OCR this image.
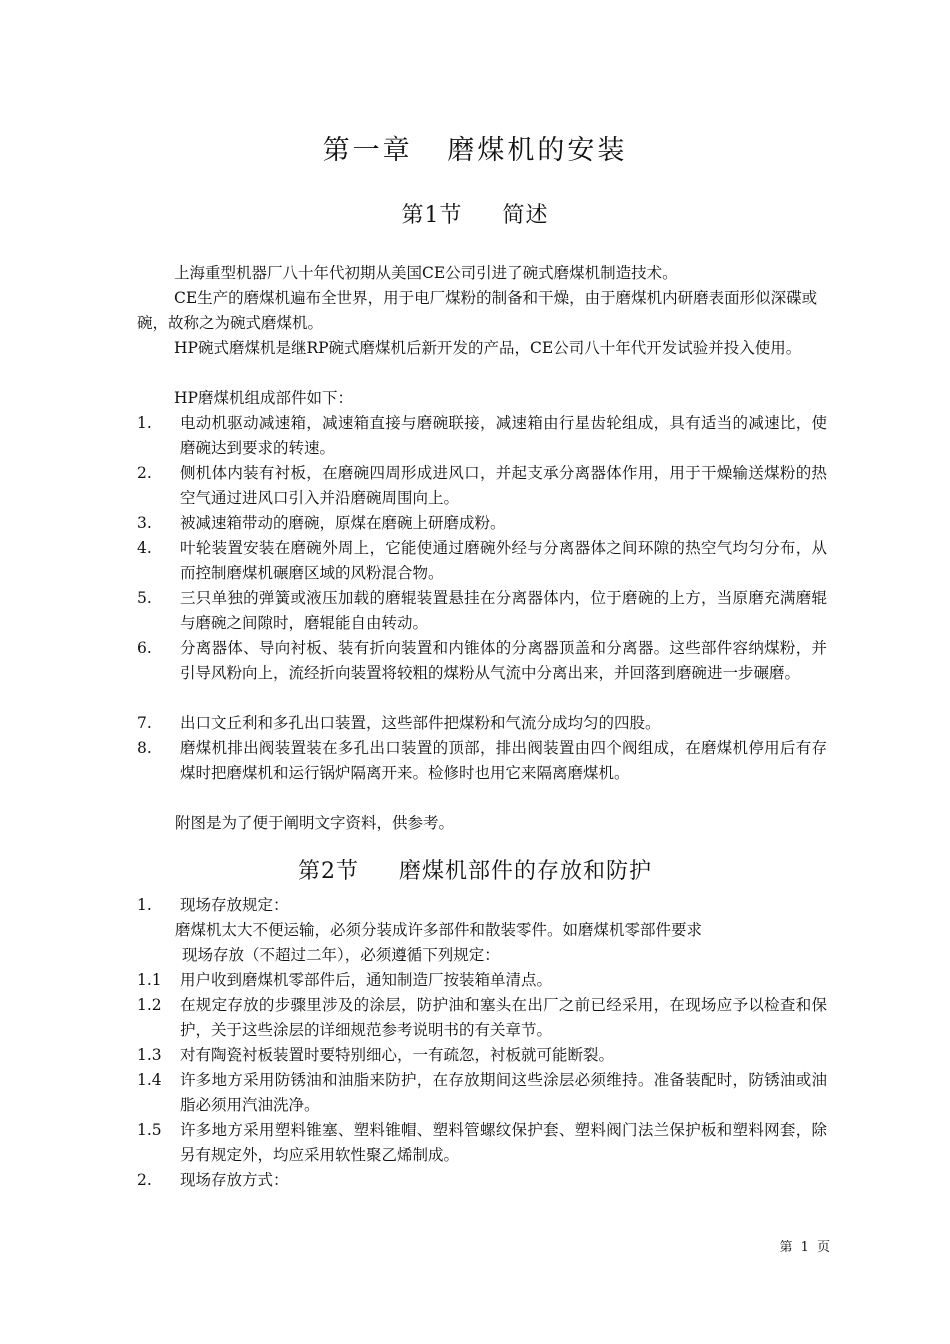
第一章   磨煤机的安装
第1节     简述

上海重型机器厂八十年代初期从美国CE公司引进了碗式磨煤机制造技术。

CE生产的磨煤机遍布全世界，用于电厂煤粉的制备和干燥，由于磨煤机内研磨表面形似深碟或碗，故称之为碗式磨煤机。

HP碗式磨煤机是继RP碗式磨煤机后新开发的产品，CE公司八十年代开发试验并投入使用。

HP磨煤机组成部件如下：

1. 电动机驱动减速箱，减速箱直接与磨碗联接，减速箱由行星齿轮组成，具有适当的减速比，使磨碗达到要求的转速。
2. 侧机体内装有衬板，在磨碗四周形成进风口，并起支承分离器体作用，用于干燥输送煤粉的热空气通过进风口引入并沿磨碗周围向上。
3. 被减速箱带动的磨碗，原煤在磨碗上研磨成粉。
4. 叶轮装置安装在磨碗外周上，它能使通过磨碗外经与分离器体之间环隙的热空气均匀分布，从而控制磨煤机碾磨区域的风粉混合物。
5. 三只单独的弹簧或液压加载的磨辊装置悬挂在分离器体内，位于磨碗的上方，当原磨充满磨辊与磨碗之间隙时，磨辊能自由转动。
6. 分离器体、导向衬板、装有折向装置和内锥体的分离器顶盖和分离器。这些部件容纳煤粉，并引导风粉向上，流经折向装置将较粗的煤粉从气流中分离出来，并回落到磨碗进一步碾磨。
7. 出口文丘利和多孔出口装置，这些部件把煤粉和气流分成均匀的四股。
8. 磨煤机排出阀装置装在多孔出口装置的顶部，排出阀装置由四个阀组成，在磨煤机停用后有存煤时把磨煤机和运行锅炉隔离开来。检修时也用它来隔离磨煤机。

附图是为了便于阐明文字资料，供参考。

第2节     磨煤机部件的存放和防护
1. 现场存放规定：
磨煤机太大不便运输，必须分装成许多部件和散装零件。如磨煤机零部件要求
现场存放（不超过二年），必须遵循下列规定：
1.1 用户收到磨煤机零部件后，通知制造厂按装箱单清点。
1.2 在规定存放的步骤里涉及的涂层，防护油和塞头在出厂之前已经采用，在现场应予以检查和保护，关于这些涂层的详细规范参考说明书的有关章节。
1.3 对有陶瓷衬板装置时要特别细心，一有疏忽，衬板就可能断裂。
1.4 许多地方采用防锈油和油脂来防护，在存放期间这些涂层必须维持。准备装配时，防锈油或油脂必须用汽油洗净。
1.5 许多地方采用塑料锥塞、塑料锥帽、塑料管螺纹保护套、塑料阀门法兰保护板和塑料网套，除另有规定外，均应采用软性聚乙烯制成。
2. 现场存放方式：
第 1 页
